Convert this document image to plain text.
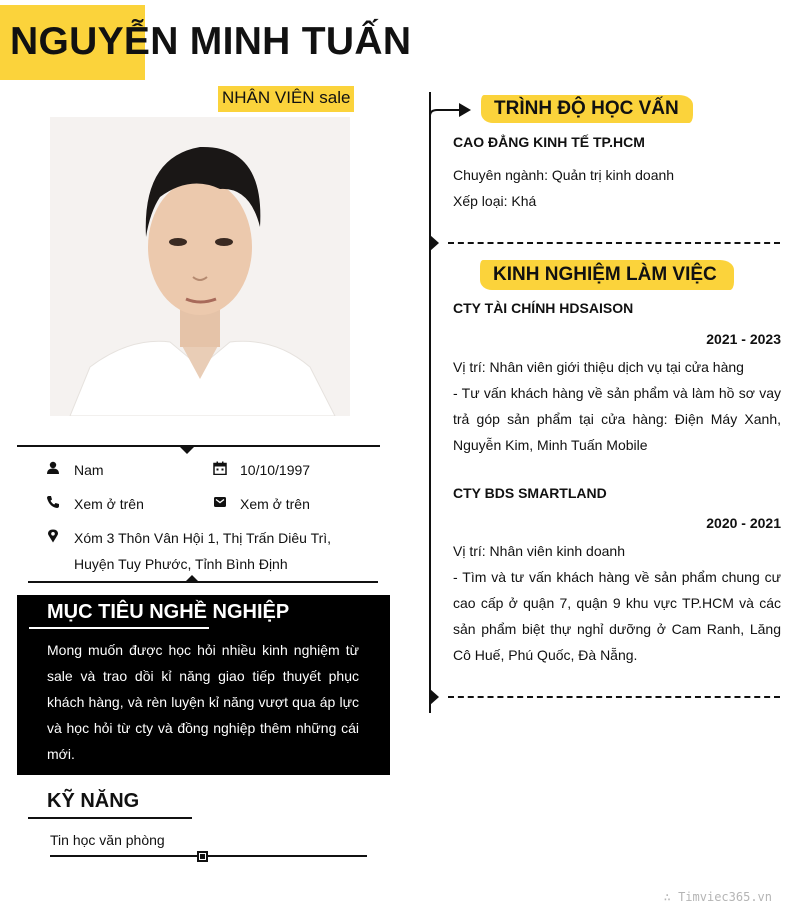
NGUYỄN MINH TUẤN
NHÂN VIÊN sale
Nam	10/10/1997
Xem ở trên	Xem ở trên
Xóm 3 Thôn Vân Hội 1, Thị Trấn Diêu Trì,
Huyện Tuy Phước, Tỉnh Bình Định
MỤC TIÊU NGHỀ NGHIỆP

Mong muốn được học hỏi nhiều kinh nghiệm từ sale và trao dồi kỉ năng giao tiếp thuyết phục khách hàng, và rèn luyện kỉ năng vượt qua áp lực và học hỏi từ cty và đồng nghiệp thêm những cái mới.

KỸ NĂNG
Tin học văn phòng
TRÌNH ĐỘ HỌC VẤN
CAO ĐẲNG KINH TẾ TP.HCM
Chuyên ngành: Quản trị kinh doanh
Xếp loại: Khá
KINH NGHIỆM LÀM VIỆC
CTY TÀI CHÍNH HDSAISON
2021 - 2023
Vị trí: Nhân viên giới thiệu dịch vụ tại cửa hàng
- Tư vấn khách hàng về sản phẩm và làm hồ sơ vay trả góp sản phẩm tại cửa hàng: Điện Máy Xanh, Nguyễn Kim, Minh Tuấn Mobile
CTY BDS SMARTLAND
2020 - 2021
Vị trí: Nhân viên kinh doanh
- Tìm và tư vấn khách hàng về sản phẩm chung cư cao cấp ở quận 7, quận 9 khu vực TP.HCM và các sản phẩm biệt thự nghỉ dưỡng ở Cam Ranh, Lăng Cô Huế, Phú Quốc, Đà Nẵng.
∴ Timviec365.vn
